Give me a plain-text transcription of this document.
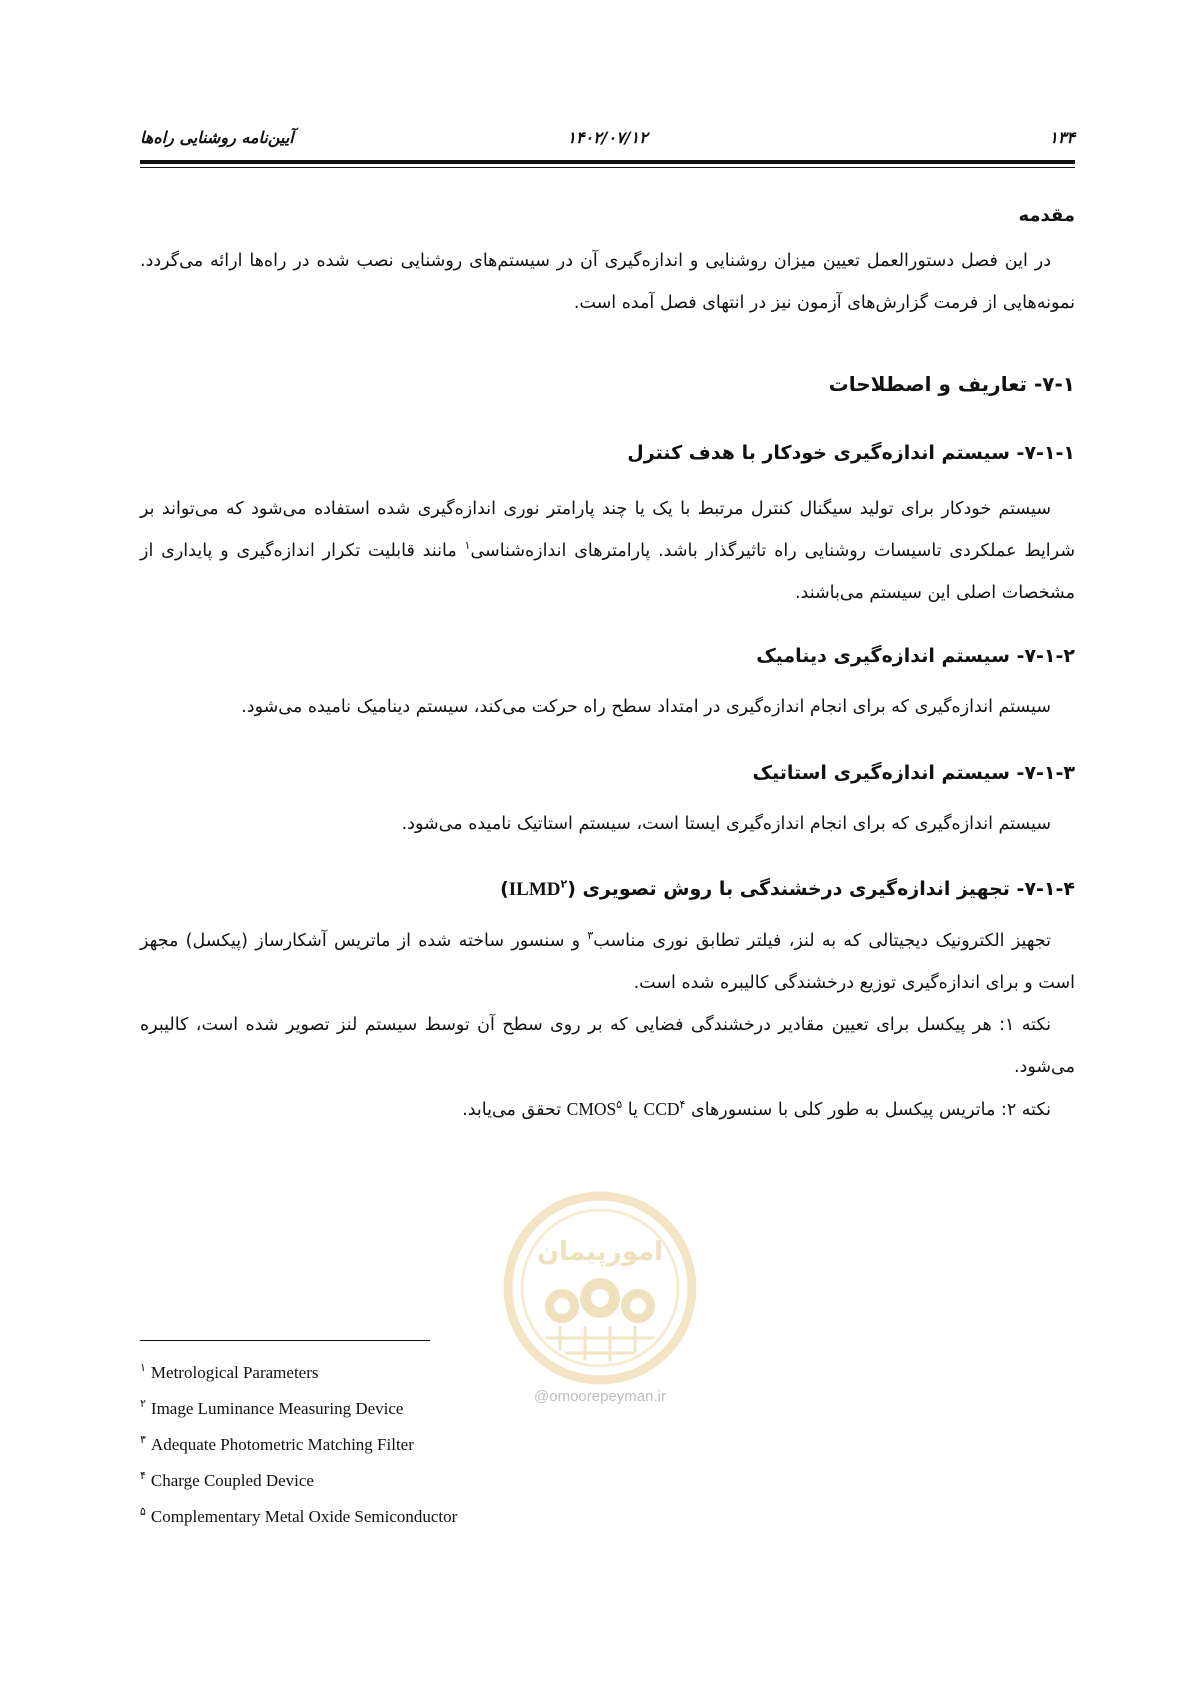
۱۳۴
۱۴۰۲/۰۷/۱۲
آیین‌نامه روشنایی راه‌ها
مقدمه

در این فصل دستورالعمل تعیین میزان روشنایی و اندازه‌گیری آن در سیستم‌های روشنایی نصب شده در راه‌ها ارائه می‌گردد. نمونه‌هایی از فرمت گزارش‌های آزمون نیز در انتهای فصل آمده است.

۷-۱- تعاریف و اصطلاحات
۷-۱-۱- سیستم اندازه‌گیری خودکار با هدف کنترل

سیستم خودکار برای تولید سیگنال کنترل مرتبط با یک یا چند پارامتر نوری اندازه‌گیری شده استفاده می‌شود که می‌تواند بر شرایط عملکردی تاسیسات روشنایی راه تاثیرگذار باشد. پارامترهای اندازه‌شناسی$^۱$ مانند قابلیت تکرار اندازه‌گیری و پایداری از مشخصات اصلی این سیستم می‌باشند.

۷-۱-۲- سیستم اندازه‌گیری دینامیک

سیستم اندازه‌گیری که برای انجام اندازه‌گیری در امتداد سطح راه حرکت می‌کند، سیستم دینامیک نامیده می‌شود.

۷-۱-۳- سیستم اندازه‌گیری استاتیک

سیستم اندازه‌گیری که برای انجام اندازه‌گیری ایستا است، سیستم استاتیک نامیده می‌شود.

۷-۱-۴- تجهیز اندازه‌گیری درخشندگی با روش تصویری (ILMD$^۲$)

تجهیز الکترونیک دیجیتالی که به لنز، فیلتر تطابق نوری مناسب$^۳$ و سنسور ساخته شده از ماتریس آشکارساز (پیکسل) مجهز است و برای اندازه‌گیری توزیع درخشندگی کالیبره شده است.

نکته ۱: هر پیکسل برای تعیین مقادیر درخشندگی فضایی که بر روی سطح آن توسط سیستم لنز تصویر شده است، کالیبره می‌شود.

نکته ۲: ماتریس پیکسل به طور کلی با سنسورهای CCD$^۴$ یا CMOS$^۵$ تحقق می‌یابد.

امورپیمان
@omoorepeyman.ir
$^۱$ Metrological Parameters
$^۲$ Image Luminance Measuring Device
$^۳$ Adequate Photometric Matching Filter
$^۴$ Charge Coupled Device
$^۵$ Complementary Metal Oxide Semiconductor
